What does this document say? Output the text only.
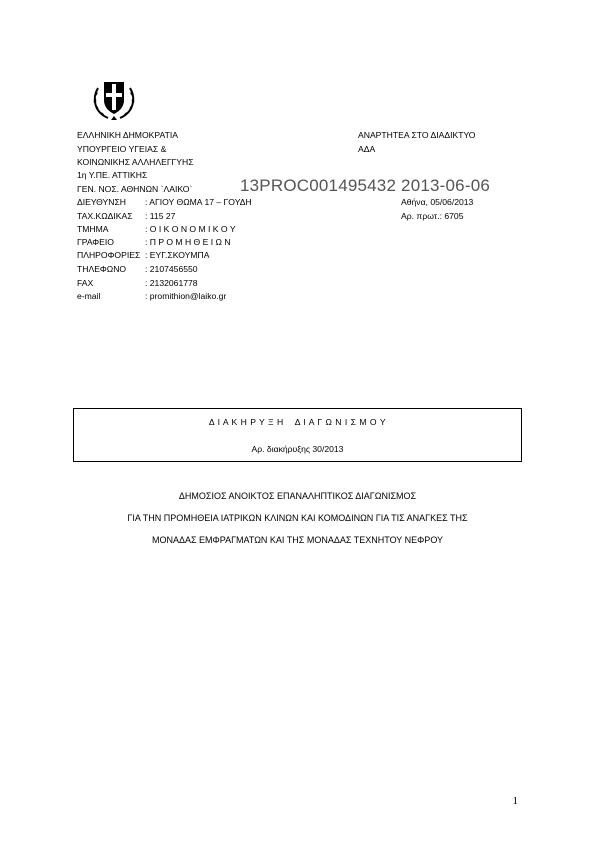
ΕΛΛΗΝΙΚΗ ΔΗΜΟΚΡΑΤΙΑ
ΥΠΟΥΡΓΕΙΟ ΥΓΕΙΑΣ &
ΚΟΙΝΩΝΙΚΗΣ ΑΛΛΗΛΕΓΓΥΗΣ
1η Υ.ΠΕ. ΑΤΤΙΚΗΣ
ΓΕΝ. ΝΟΣ. ΑΘΗΝΩΝ `ΛΑΙΚΟ`
ΑΝΑΡΤΗΤΕΑ ΣΤΟ ΔΙΑΔΙΚΤΥΟ
ΑΔΑ
13PROC001495432 2013-06-06
ΔΙΕΥΘΥΝΣΗ : ΑΓΙΟΥ ΘΩΜΑ 17 – ΓΟΥΔΗ
ΤΑΧ.ΚΩΔΙΚΑΣ : 115 27
ΤΜΗΜΑ	: Ο Ι Κ Ο Ν Ο Μ Ι Κ Ο Υ
ΓΡΑΦΕΙΟ	: Π Ρ Ο Μ Η Θ Ε Ι Ω Ν
ΠΛΗΡΟΦΟΡΙΕΣ : ΕΥΓ.ΣΚΟΥΜΠΑ
ΤΗΛΕΦΩΝΟ : 2107456550
FAX	: 2132061778
e-mail	: promithion@laiko.gr
Αθήνα, 05/06/2013
Αρ. πρωτ.: 6705
Δ Ι Α Κ Η Ρ Υ Ξ Η    Δ Ι Α Γ Ω Ν Ι Σ Μ Ο Υ
Αρ. διακήρυξης 30/2013
ΔΗΜΟΣΙΟΣ ΑΝΟΙΚΤΟΣ ΕΠΑΝΑΛΗΠΤΙΚΟΣ ΔΙΑΓΩΝΙΣΜΟΣ
ΓΙΑ ΤΗΝ ΠΡΟΜΗΘΕΙΑ ΙΑΤΡΙΚΩΝ ΚΛΙΝΩΝ ΚΑΙ ΚΟΜΟΔΙΝΩΝ ΓΙΑ ΤΙΣ ΑΝΑΓΚΕΣ ΤΗΣ
ΜΟΝΑΔΑΣ ΕΜΦΡΑΓΜΑΤΩΝ ΚΑΙ ΤΗΣ ΜΟΝΑΔΑΣ ΤΕΧΝΗΤΟΥ ΝΕΦΡΟΥ
1
